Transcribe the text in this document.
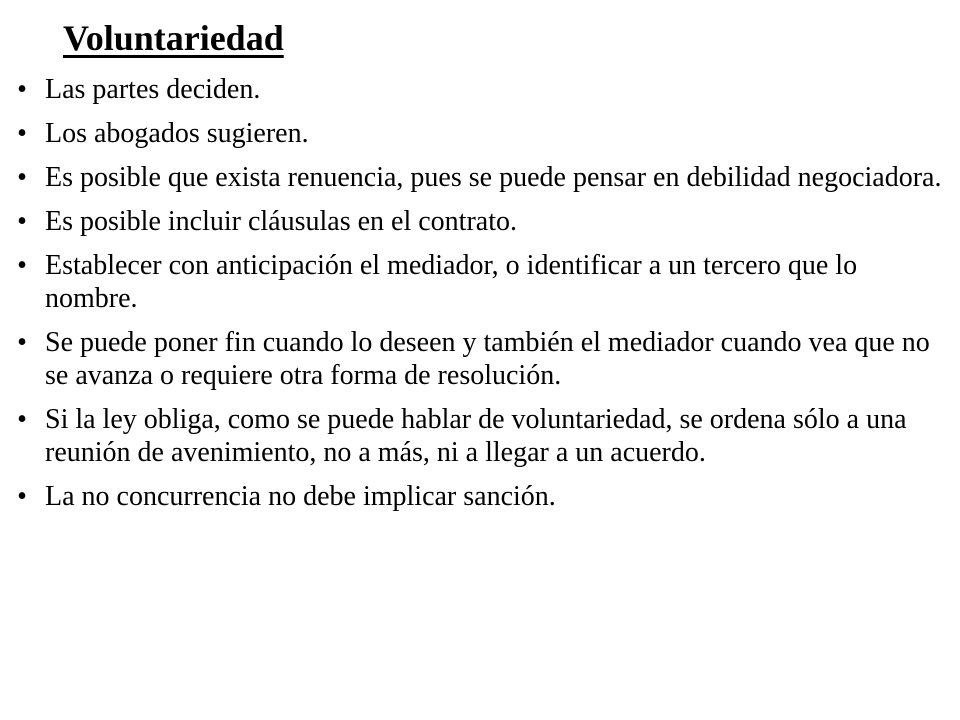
Voluntariedad
• Las partes deciden.
• Los abogados sugieren.
• Es posible que exista renuencia, pues se puede pensar en debilidad negociadora.
• Es posible incluir cláusulas en el contrato.
• Establecer con anticipación el mediador, o identificar a un tercero que lo nombre.
• Se puede poner fin cuando lo deseen y también el mediador cuando vea que no se avanza o requiere otra forma de resolución.
• Si la ley obliga, como se puede hablar de voluntariedad, se ordena sólo a una reunión de avenimiento, no a más, ni a llegar a un acuerdo.
• La no concurrencia no debe implicar sanción.
